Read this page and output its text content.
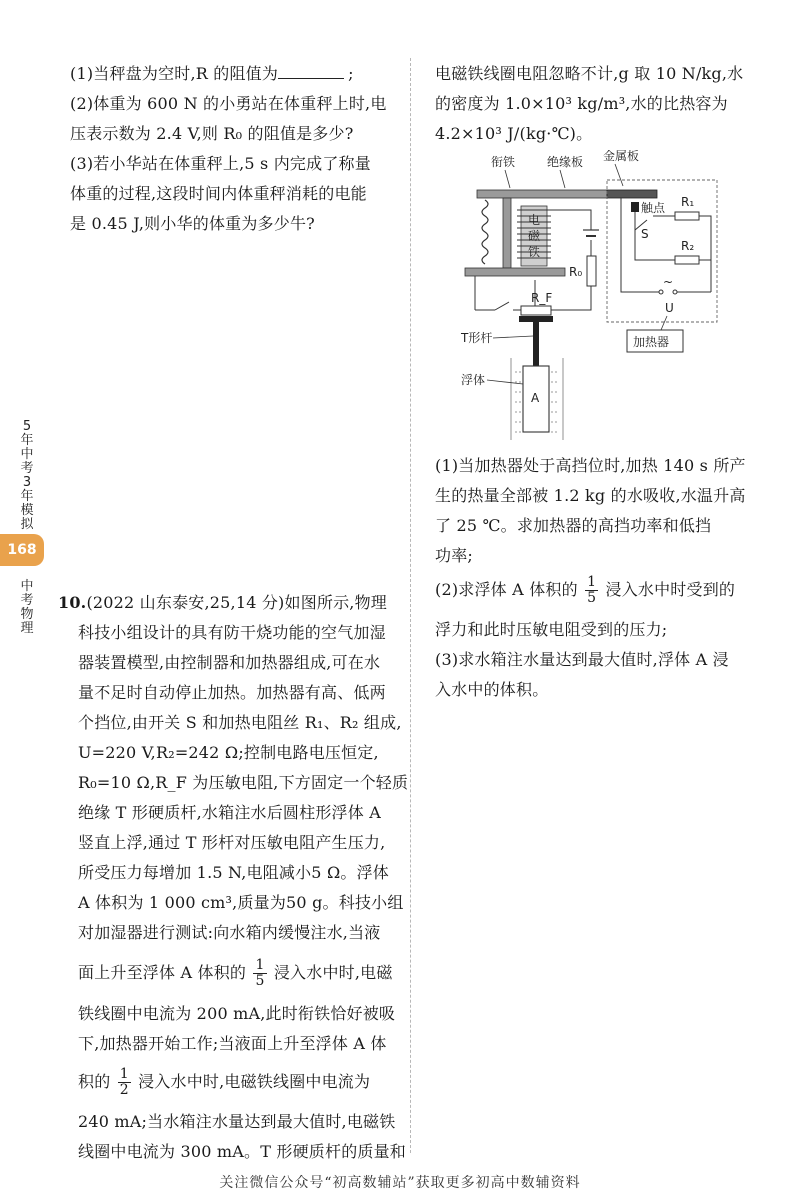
5
年
中
考
3
年
模
拟
168
中
考
物
理
(1)当秤盘为空时,R 的阻值为	;
(2)体重为 600 N 的小勇站在体重秤上时,电
压表示数为 2.4 V,则 R₀ 的阻值是多少?
(3)若小华站在体重秤上,5 s 内完成了称量
体重的过程,这段时间内体重秤消耗的电能
是 0.45 J,则小华的体重为多少牛?
10.(2022 山东泰安,25,14 分)如图所示,物理
科技小组设计的具有防干烧功能的空气加湿
器装置模型,由控制器和加热器组成,可在水
量不足时自动停止加热。加热器有高、低两
个挡位,由开关 S 和加热电阻丝 R₁、R₂ 组成,
U=220 V,R₂=242 Ω;控制电路电压恒定,
R₀=10 Ω,R_F 为压敏电阻,下方固定一个轻质
绝缘 T 形硬质杆,水箱注水后圆柱形浮体 A
竖直上浮,通过 T 形杆对压敏电阻产生压力,
所受压力每增加 1.5 N,电阻减小5 Ω。浮体
A 体积为 1 000 cm³,质量为50 g。科技小组
对加湿器进行测试:向水箱内缓慢注水,当液
面上升至浮体 A 体积的 $\frac{1}{5}$ 浸入水中时,电磁
铁线圈中电流为 200 mA,此时衔铁恰好被吸
下,加热器开始工作;当液面上升至浮体 A 体
积的 $\frac{1}{2}$ 浸入水中时,电磁铁线圈中电流为
240 mA;当水箱注水量达到最大值时,电磁铁
线圈中电流为 300 mA。T 形硬质杆的质量和
电磁铁线圈电阻忽略不计,g 取 10 N/kg,水
的密度为 1.0×10³ kg/m³,水的比热容为
4.2×10³ J/(kg·℃)。
衔铁	绝缘板 金属板
电
磁
铁
R₀
R_F
T形杆
A
浮体
触点
S
R₁
R₂
~
U
加热器
(1)当加热器处于高挡位时,加热 140 s 所产
生的热量全部被 1.2 kg 的水吸收,水温升高
了 25 ℃。求加热器的高挡功率和低挡
功率;
(2)求浮体 A 体积的 $\frac{1}{5}$ 浸入水中时受到的
浮力和此时压敏电阻受到的压力;
(3)求水箱注水量达到最大值时,浮体 A 浸
入水中的体积。
关注微信公众号“初高数辅站”获取更多初高中数辅资料
